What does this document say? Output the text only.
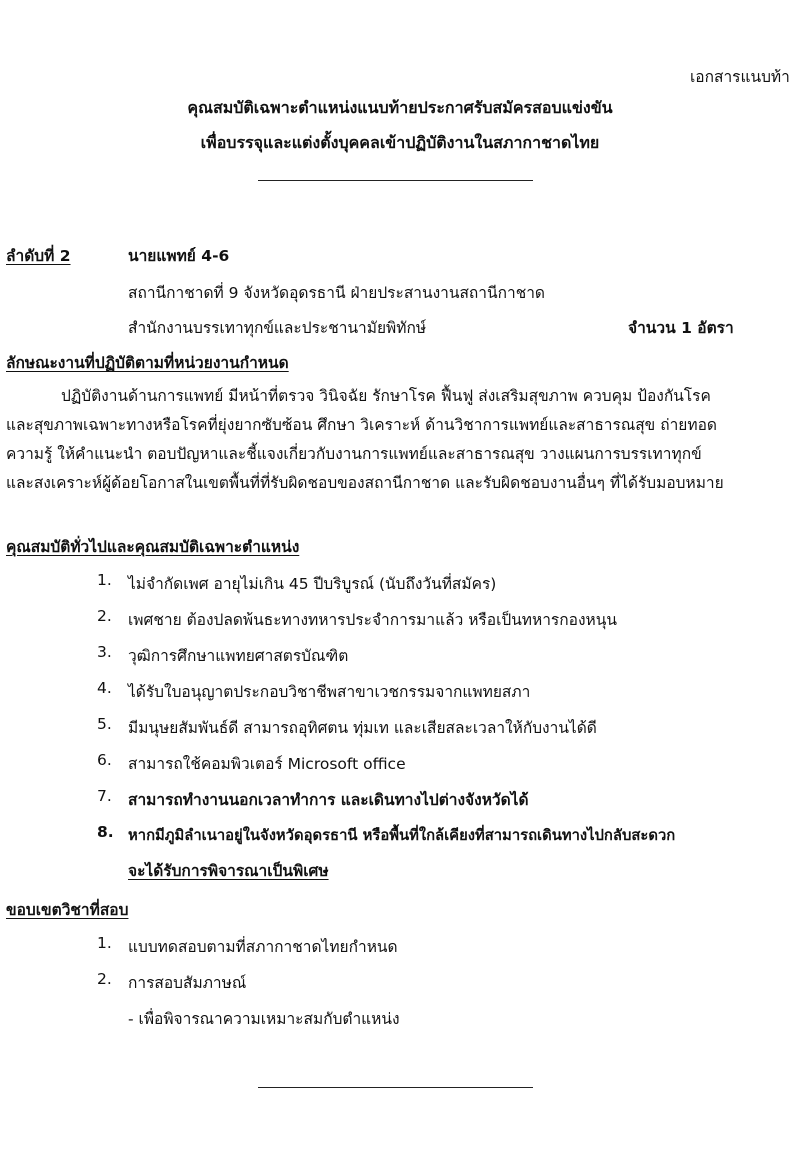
เอกสารแนบท้า
คุณสมบัติเฉพาะตำแหน่งแนบท้ายประกาศรับสมัครสอบแข่งขัน
เพื่อบรรจุและแต่งตั้งบุคคลเข้าปฏิบัติงานในสภากาชาดไทย
ลำดับที่ 2	นายแพทย์ 4-6
สถานีกาชาดที่ 9 จังหวัดอุดรธานี ฝ่ายประสานงานสถานีกาชาด
สำนักงานบรรเทาทุกข์และประชานามัยพิทักษ์	จำนวน 1 อัตรา
ลักษณะงานที่ปฏิบัติตามที่หน่วยงานกำหนด
ปฏิบัติงานด้านการแพทย์ มีหน้าที่ตรวจ วินิจฉัย รักษาโรค ฟื้นฟู ส่งเสริมสุขภาพ ควบคุม ป้องกันโรค
และสุขภาพเฉพาะทางหรือโรคที่ยุ่งยากซับซ้อน ศึกษา วิเคราะห์ ด้านวิชาการแพทย์และสาธารณสุข ถ่ายทอด
ความรู้ ให้คำแนะนำ ตอบปัญหาและชี้แจงเกี่ยวกับงานการแพทย์และสาธารณสุข วางแผนการบรรเทาทุกข์
และสงเคราะห์ผู้ด้อยโอกาสในเขตพื้นที่ที่รับผิดชอบของสถานีกาชาด และรับผิดชอบงานอื่นๆ ที่ได้รับมอบหมาย
คุณสมบัติทั่วไปและคุณสมบัติเฉพาะตำแหน่ง
1. ไม่จำกัดเพศ อายุไม่เกิน 45 ปีบริบูรณ์ (นับถึงวันที่สมัคร)
2. เพศชาย ต้องปลดพ้นธะทางทหารประจำการมาแล้ว หรือเป็นทหารกองหนุน
3. วุฒิการศึกษาแพทยศาสตรบัณฑิต
4. ได้รับใบอนุญาตประกอบวิชาชีพสาขาเวชกรรมจากแพทยสภา
5. มีมนุษยสัมพันธ์ดี สามารถอุทิศตน ทุ่มเท และเสียสละเวลาให้กับงานได้ดี
6. สามารถใช้คอมพิวเตอร์ Microsoft office
7. สามารถทำงานนอกเวลาทำการ และเดินทางไปต่างจังหวัดได้
8. หากมีภูมิลำเนาอยู่ในจังหวัดอุดรธานี หรือพื้นที่ใกล้เคียงที่สามารถเดินทางไปกลับสะดวก
จะได้รับการพิจารณาเป็นพิเศษ
ขอบเขตวิชาที่สอบ
1. แบบทดสอบตามที่สภากาชาดไทยกำหนด
2. การสอบสัมภาษณ์
- เพื่อพิจารณาความเหมาะสมกับตำแหน่ง
